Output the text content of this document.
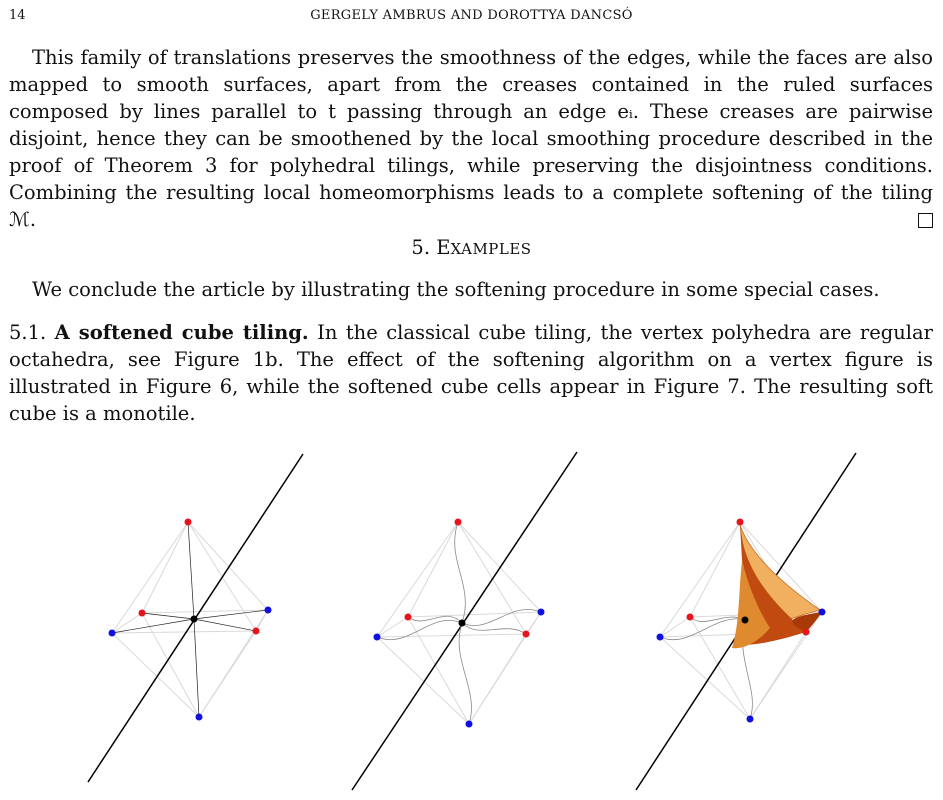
14	GERGELY AMBRUS AND DOROTTYA DANCSÓ
This family of translations preserves the smoothness of the edges, while the faces are also mapped to smooth surfaces, apart from the creases contained in the ruled surfaces composed by lines parallel to t passing through an edge eᵢ. These creases are pairwise disjoint, hence they can be smoothened by the local smoothing procedure described in the proof of Theorem 3 for polyhedral tilings, while preserving the disjointness conditions. Combining the resulting local homeomorphisms leads to a complete softening of the tiling ℳ.
5. EXAMPLES
We conclude the article by illustrating the softening procedure in some special cases.
5.1. A softened cube tiling. In the classical cube tiling, the vertex polyhedra are regular octahedra, see Figure 1b. The effect of the softening algorithm on a vertex figure is illustrated in Figure 6, while the softened cube cells appear in Figure 7. The resulting soft cube is a monotile.
